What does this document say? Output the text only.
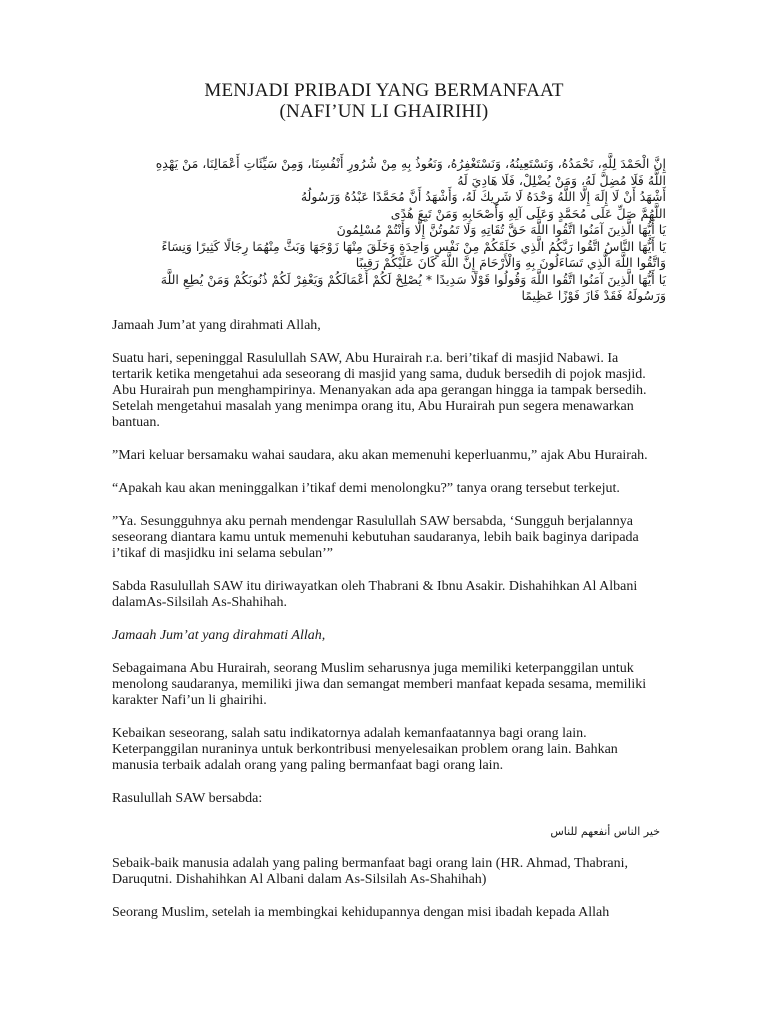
MENJADI PRIBADI YANG BERMANFAAT
(NAFI’UN LI GHAIRIHI)

إِنَّ الْحَمْدَ لِلَّهِ، نَحْمَدُهُ، وَنَسْتَعِينُهُ، وَنَسْتَغْفِرُهُ، وَنَعُوذُ بِهِ مِنْ شُرُورِ أَنْفُسِنَا، وَمِنْ سَيِّئَاتِ أَعْمَالِنَا، مَنْ يَهْدِهِ اللَّهُ فَلَا مُضِلَّ لَهُ، وَمَنْ يُضْلِلْ، فَلَا هَادِيَ لَهُ

أَشْهَدُ أَنْ لَا إِلَهَ إِلَّا اللَّهُ وَحْدَهُ لَا شَرِيكَ لَهُ، وَأَشْهَدُ أَنَّ مُحَمَّدًا عَبْدُهُ وَرَسُولُهُ

اللَّهُمَّ صَلِّ عَلَى مُحَمَّدٍ وَعَلَى آلِهِ وَأَصْحَابِهِ وَمَنْ تَبِعَ هُدًى

يَا أَيُّهَا الَّذِينَ آمَنُوا اتَّقُوا اللَّهَ حَقَّ تُقَاتِهِ وَلَا تَمُوتُنَّ إِلَّا وَأَنْتُمْ مُسْلِمُونَ

يَا أَيُّهَا النَّاسُ اتَّقُوا رَبَّكُمُ الَّذِي خَلَقَكُمْ مِنْ نَفْسٍ وَاحِدَةٍ وَخَلَقَ مِنْهَا زَوْجَهَا وَبَثَّ مِنْهُمَا رِجَالًا كَثِيرًا وَنِسَاءً وَاتَّقُوا اللَّهَ الَّذِي تَسَاءَلُونَ بِهِ وَالْأَرْحَامَ إِنَّ اللَّهَ كَانَ عَلَيْكُمْ رَقِيبًا

يَا أَيُّهَا الَّذِينَ آمَنُوا اتَّقُوا اللَّهَ وَقُولُوا قَوْلًا سَدِيدًا * يُصْلِحْ لَكُمْ أَعْمَالَكُمْ وَيَغْفِرْ لَكُمْ ذُنُوبَكُمْ وَمَنْ يُطِعِ اللَّهَ وَرَسُولَهُ فَقَدْ فَازَ فَوْزًا عَظِيمًا

Jamaah Jum’at yang dirahmati Allah,

Suatu hari, sepeninggal Rasulullah SAW, Abu Hurairah r.a. beri’tikaf di masjid Nabawi. Ia tertarik ketika mengetahui ada seseorang di masjid yang sama, duduk bersedih di pojok masjid. Abu Hurairah pun menghampirinya. Menanyakan ada apa gerangan hingga ia tampak bersedih. Setelah mengetahui masalah yang menimpa orang itu, Abu Hurairah pun segera menawarkan bantuan.

”Mari keluar bersamaku wahai saudara, aku akan memenuhi keperluanmu,” ajak Abu Hurairah.

“Apakah kau akan meninggalkan i’tikaf demi menolongku?” tanya orang tersebut terkejut.

”Ya. Sesungguhnya aku pernah mendengar Rasulullah SAW bersabda, ‘Sungguh berjalannya seseorang diantara kamu untuk memenuhi kebutuhan saudaranya, lebih baik baginya daripada i’tikaf di masjidku ini selama sebulan’”

Sabda Rasulullah SAW itu diriwayatkan oleh Thabrani & Ibnu Asakir. Dishahihkan Al Albani dalamAs-Silsilah As-Shahihah.

Jamaah Jum’at yang dirahmati Allah,

Sebagaimana Abu Hurairah, seorang Muslim seharusnya juga memiliki keterpanggilan untuk menolong saudaranya, memiliki jiwa dan semangat memberi manfaat kepada sesama, memiliki karakter Nafi’un li ghairihi.

Kebaikan seseorang, salah satu indikatornya adalah kemanfaatannya bagi orang lain. Keterpanggilan nuraninya untuk berkontribusi menyelesaikan problem orang lain. Bahkan manusia terbaik adalah orang yang paling bermanfaat bagi orang lain.

Rasulullah SAW bersabda:

خير الناس أنفعهم للناس

Sebaik-baik manusia adalah yang paling bermanfaat bagi orang lain (HR. Ahmad, Thabrani, Daruqutni. Dishahihkan Al Albani dalam As-Silsilah As-Shahihah)

Seorang Muslim, setelah ia membingkai kehidupannya dengan misi ibadah kepada Allah
